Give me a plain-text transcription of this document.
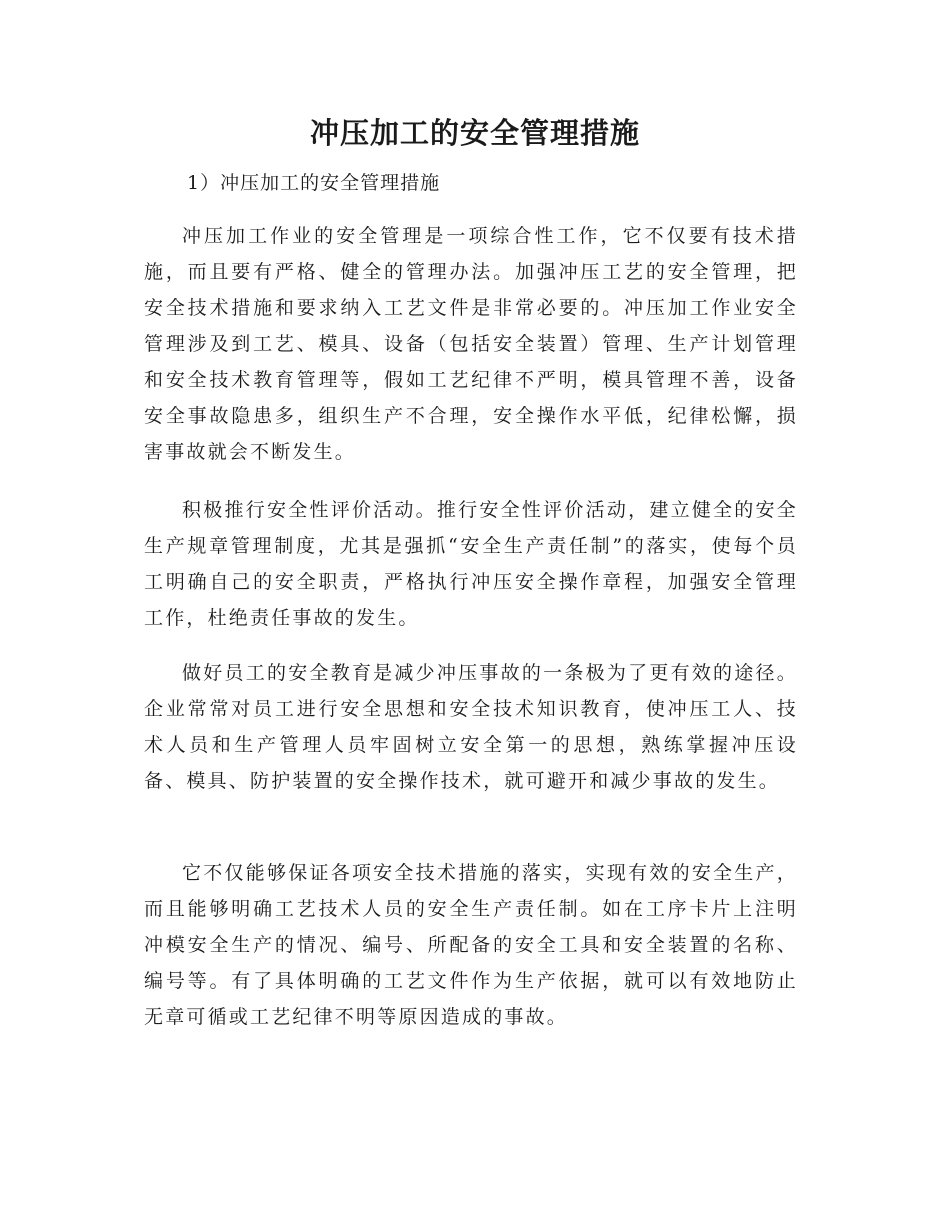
冲压加工的安全管理措施

1）冲压加工的安全管理措施

冲压加工作业的安全管理是一项综合性工作，它不仅要有技术措施，而且要有严格、健全的管理办法。加强冲压工艺的安全管理，把安全技术措施和要求纳入工艺文件是非常必要的。冲压加工作业安全管理涉及到工艺、模具、设备（包括安全装置）管理、生产计划管理和安全技术教育管理等，假如工艺纪律不严明，模具管理不善，设备安全事故隐患多，组织生产不合理，安全操作水平低，纪律松懈，损害事故就会不断发生。

积极推行安全性评价活动。推行安全性评价活动，建立健全的安全生产规章管理制度，尤其是强抓“安全生产责任制”的落实，使每个员工明确自己的安全职责，严格执行冲压安全操作章程，加强安全管理工作，杜绝责任事故的发生。

做好员工的安全教育是减少冲压事故的一条极为了更有效的途径。企业常常对员工进行安全思想和安全技术知识教育，使冲压工人、技术人员和生产管理人员牢固树立安全第一的思想，熟练掌握冲压设备、模具、防护装置的安全操作技术，就可避开和减少事故的发生。

它不仅能够保证各项安全技术措施的落实，实现有效的安全生产，而且能够明确工艺技术人员的安全生产责任制。如在工序卡片上注明冲模安全生产的情况、编号、所配备的安全工具和安全装置的名称、编号等。有了具体明确的工艺文件作为生产依据，就可以有效地防止无章可循或工艺纪律不明等原因造成的事故。
